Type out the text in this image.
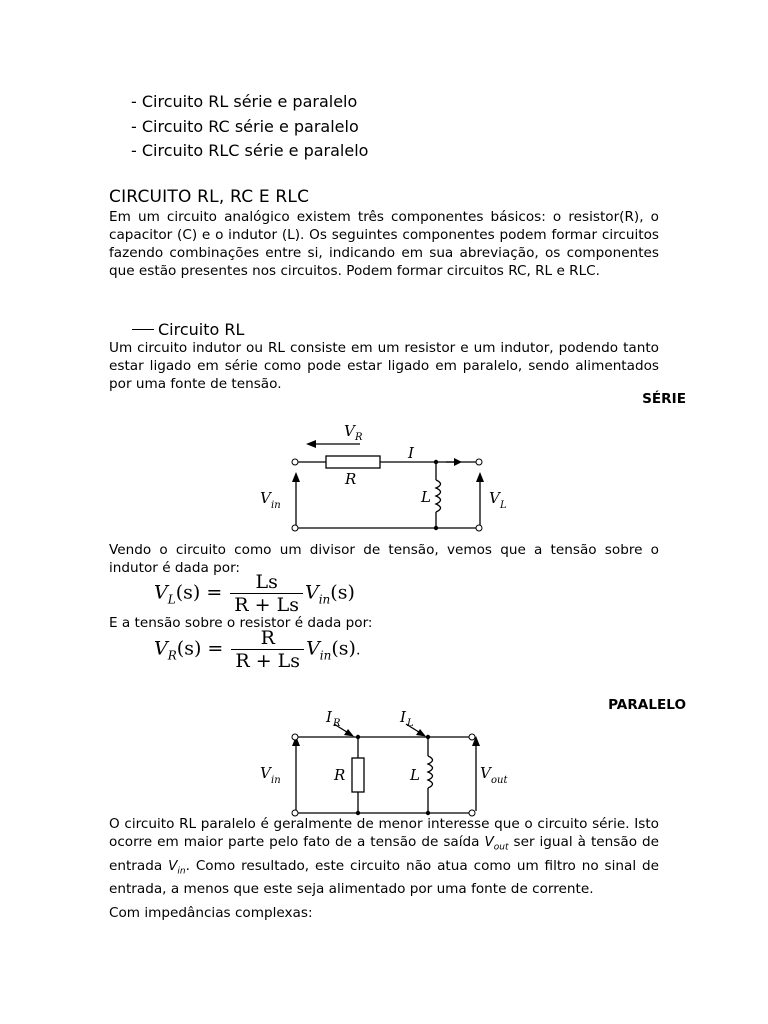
- Circuito RL série e paralelo
- Circuito RC série e paralelo
- Circuito RLC série e paralelo
CIRCUITO RL, RC E RLC
Em um circuito analógico existem três componentes básicos: o resistor(R), o capacitor (C) e o indutor (L). Os seguintes componentes podem formar circuitos fazendo combinações entre si, indicando em sua abreviação, os componentes que estão presentes nos circuitos. Podem formar circuitos RC, RL e RLC.
Circuito RL
Um circuito indutor ou RL consiste em um resistor e um indutor, podendo tanto estar ligado em série como pode estar ligado em paralelo, sendo alimentados por uma fonte de tensão.
SÉRIE
V R
I
R
L
V in	V L
Vendo o circuito como um divisor de tensão, vemos que a tensão sobre o indutor é dada por:
$V_L(s) = \frac{Ls}{R + Ls} V_{in}(s)$
E a tensão sobre o resistor é dada por:
$V_R(s) = \frac{R}{R + Ls} V_{in}(s)$.
PARALELO
I R	I L
V in	R	L	V out
O circuito RL paralelo é geralmente de menor interesse que o circuito série. Isto ocorre em maior parte pelo fato de a tensão de saída $V_{out}$ ser igual à tensão de entrada $V_{in}$. Como resultado, este circuito não atua como um filtro no sinal de entrada, a menos que este seja alimentado por uma fonte de corrente.
Com impedâncias complexas:
